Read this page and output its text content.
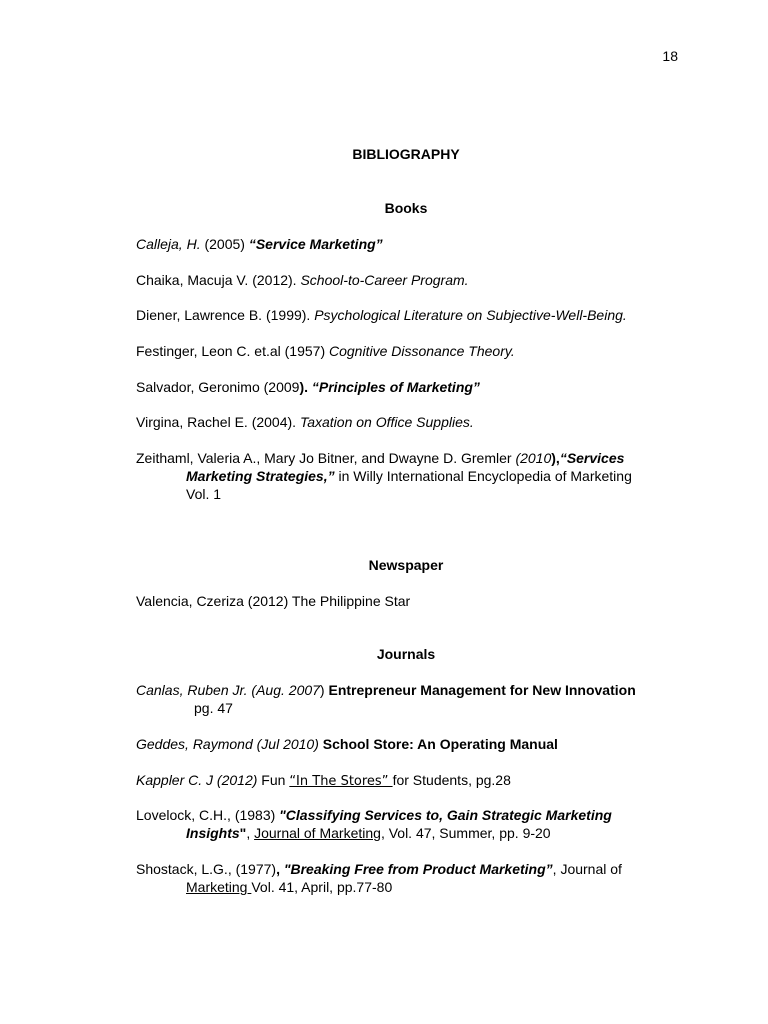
18
BIBLIOGRAPHY
Books
Calleja, H. (2005) “Service Marketing”
Chaika, Macuja V. (2012). School-to-Career Program.
Diener, Lawrence B. (1999). Psychological Literature on Subjective-Well-Being.
Festinger, Leon C. et.al (1957) Cognitive Dissonance Theory.
Salvador, Geronimo (2009). “Principles of Marketing”
Virgina, Rachel E. (2004). Taxation on Office Supplies.
Zeithaml, Valeria A., Mary Jo Bitner, and Dwayne D. Gremler (2010),“Services
Marketing Strategies,” in Willy International Encyclopedia of Marketing
Vol. 1
Newspaper
Valencia, Czeriza (2012) The Philippine Star
Journals
Canlas, Ruben Jr. (Aug. 2007) Entrepreneur Management for New Innovation
pg. 47
Geddes, Raymond (Jul 2010) School Store: An Operating Manual
Kappler C. J (2012) Fun “In The Stores” for Students, pg.28
Lovelock, C.H., (1983) "Classifying Services to, Gain Strategic Marketing
Insights", Journal of Marketing, Vol. 47, Summer, pp. 9-20
Shostack, L.G., (1977), "Breaking Free from Product Marketing”, Journal of
Marketing Vol. 41, April, pp.77-80
